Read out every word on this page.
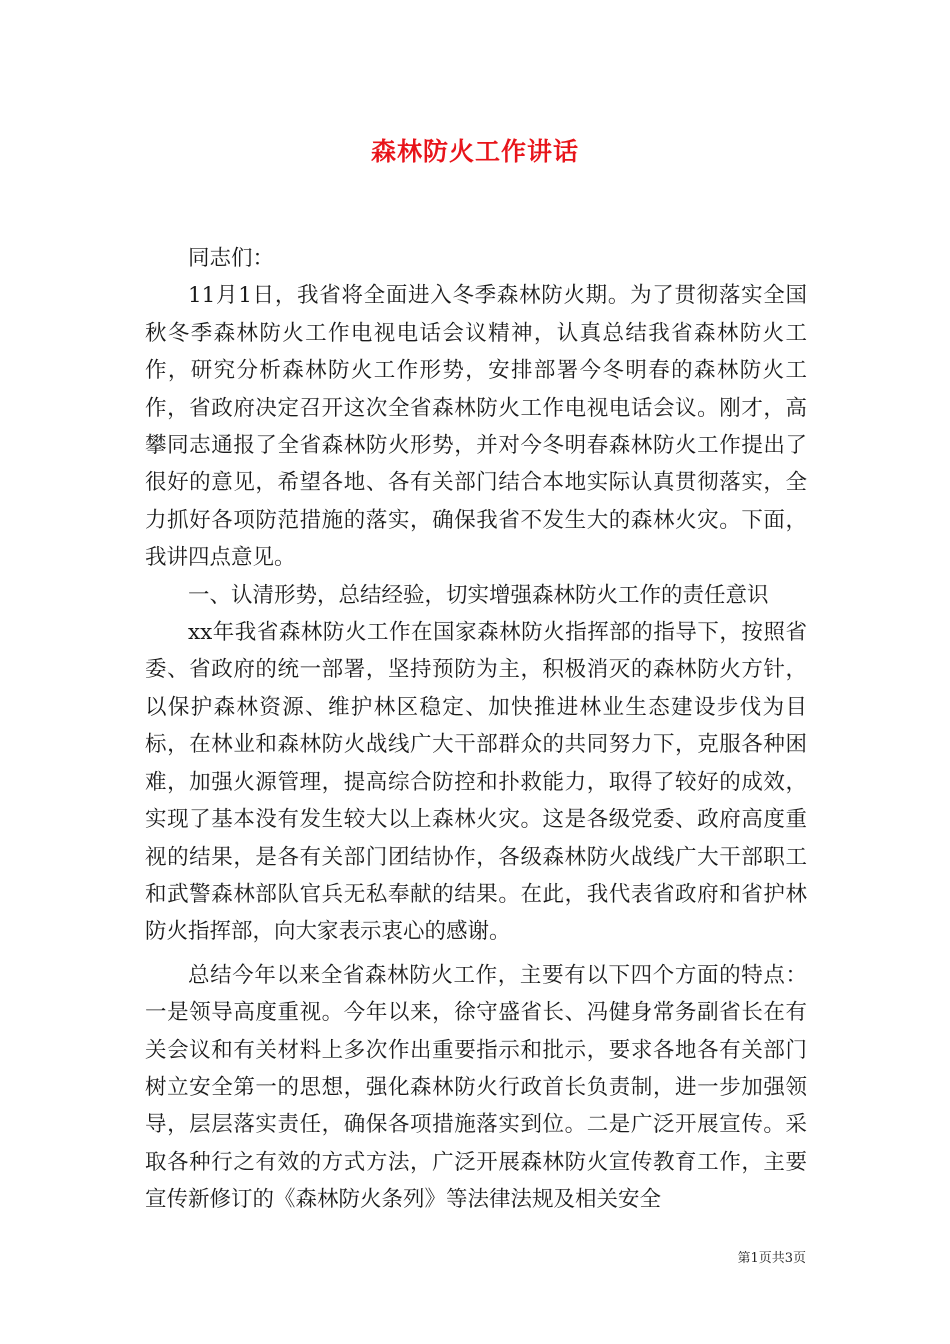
森林防火工作讲话

同志们：

11月1日，我省将全面进入冬季森林防火期。为了贯彻落实全国秋冬季森林防火工作电视电话会议精神，认真总结我省森林防火工作，研究分析森林防火工作形势，安排部署今冬明春的森林防火工作，省政府决定召开这次全省森林防火工作电视电话会议。刚才，高攀同志通报了全省森林防火形势，并对今冬明春森林防火工作提出了很好的意见，希望各地、各有关部门结合本地实际认真贯彻落实，全力抓好各项防范措施的落实，确保我省不发生大的森林火灾。下面，我讲四点意见。

一、认清形势，总结经验，切实增强森林防火工作的责任意识

xx年我省森林防火工作在国家森林防火指挥部的指导下，按照省委、省政府的统一部署，坚持预防为主，积极消灭的森林防火方针，以保护森林资源、维护林区稳定、加快推进林业生态建设步伐为目标，在林业和森林防火战线广大干部群众的共同努力下，克服各种困难，加强火源管理，提高综合防控和扑救能力，取得了较好的成效，实现了基本没有发生较大以上森林火灾。这是各级党委、政府高度重视的结果，是各有关部门团结协作，各级森林防火战线广大干部职工和武警森林部队官兵无私奉献的结果。在此，我代表省政府和省护林防火指挥部，向大家表示衷心的感谢。

总结今年以来全省森林防火工作，主要有以下四个方面的特点：一是领导高度重视。今年以来，徐守盛省长、冯健身常务副省长在有关会议和有关材料上多次作出重要指示和批示，要求各地各有关部门树立安全第一的思想，强化森林防火行政首长负责制，进一步加强领导，层层落实责任，确保各项措施落实到位。二是广泛开展宣传。采取各种行之有效的方式方法，广泛开展森林防火宣传教育工作，主要宣传新修订的《森林防火条列》等法律法规及相关安全

第1页共3页
